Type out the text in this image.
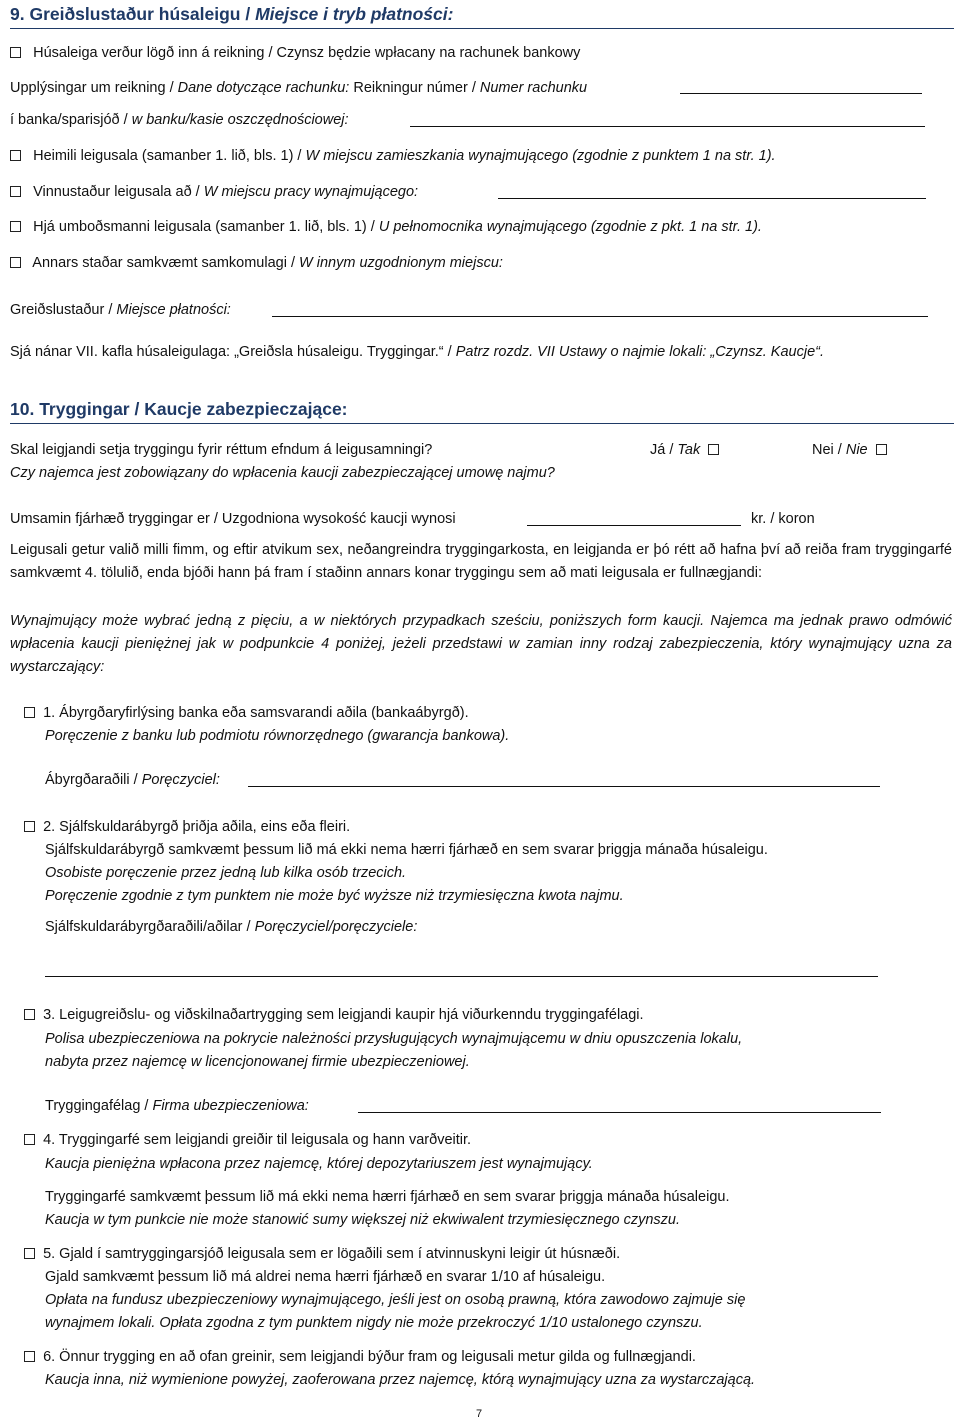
9. Greiðslustaður húsaleigu / Miejsce i tryb płatności:
Húsaleiga verður lögð inn á reikning / Czynsz będzie wpłacany na rachunek bankowy
Upplýsingar um reikning / Dane dotyczące rachunku: Reikningur númer / Numer rachunku
í banka/sparisjóð / w banku/kasie oszczędnościowej:
Heimili leigusala (samanber 1. lið, bls. 1) / W miejscu zamieszkania wynajmującego (zgodnie z punktem 1 na str. 1).
Vinnustaður leigusala að / W miejscu pracy wynajmującego:
Hjá umboðsmanni leigusala (samanber 1. lið, bls. 1) / U pełnomocnika wynajmującego (zgodnie z pkt. 1 na str. 1).
Annars staðar samkvæmt samkomulagi / W innym uzgodnionym miejscu:
Greiðslustaður / Miejsce płatności:
Sjá nánar VII. kafla húsaleigulaga: „Greiðsla húsaleigu. Tryggingar.“ / Patrz rozdz. VII Ustawy o najmie lokali: „Czynsz. Kaucje“.
10. Tryggingar / Kaucje zabezpieczające:
Skal leigjandi setja tryggingu fyrir réttum efndum á leigusamningi?	Já / Tak	Nei / Nie
Czy najemca jest zobowiązany do wpłacenia kaucji zabezpieczającej umowę najmu?
Umsamin fjárhæð tryggingar er / Uzgodniona wysokość kaucji wynosi	kr. / koron
Leigusali getur valið milli fimm, og eftir atvikum sex, neðangreindra tryggingarkosta, en leigjanda er þó rétt að hafna því að reiða fram tryggingarfé samkvæmt 4. tölulið, enda bjóði hann þá fram í staðinn annars konar tryggingu sem að mati leigusala er fullnægjandi:
Wynajmujący może wybrać jedną z pięciu, a w niektórych przypadkach sześciu, poniższych form kaucji. Najemca ma jednak prawo odmówić wpłacenia kaucji pieniężnej jak w podpunkcie 4 poniżej, jeżeli przedstawi w zamian inny rodzaj zabezpieczenia, który wynajmujący uzna za wystarczający:
1. Ábyrgðaryfirlýsing banka eða samsvarandi aðila (bankaábyrgð).
Poręczenie z banku lub podmiotu równorzędnego (gwarancja bankowa).
Ábyrgðaraðili / Poręczyciel:
2. Sjálfskuldarábyrgð þriðja aðila, eins eða fleiri.
Sjálfskuldarábyrgð samkvæmt þessum lið má ekki nema hærri fjárhæð en sem svarar þriggja mánaða húsaleigu.
Osobiste poręczenie przez jedną lub kilka osób trzecich.
Poręczenie zgodnie z tym punktem nie może być wyższe niż trzymiesięczna kwota najmu.
Sjálfskuldarábyrgðaraðili/aðilar / Poręczyciel/poręczyciele:
3. Leigugreiðslu- og viðskilnaðartrygging sem leigjandi kaupir hjá viðurkenndu tryggingafélagi.
Polisa ubezpieczeniowa na pokrycie należności przysługujących wynajmującemu w dniu opuszczenia lokalu,
nabyta przez najemcę w licencjonowanej firmie ubezpieczeniowej.
Tryggingafélag / Firma ubezpieczeniowa:
4. Tryggingarfé sem leigjandi greiðir til leigusala og hann varðveitir.
Kaucja pieniężna wpłacona przez najemcę, której depozytariuszem jest wynajmujący.
Tryggingarfé samkvæmt þessum lið má ekki nema hærri fjárhæð en sem svarar þriggja mánaða húsaleigu.
Kaucja w tym punkcie nie może stanowić sumy większej niż ekwiwalent trzymiesięcznego czynszu.
5. Gjald í samtryggingarsjóð leigusala sem er lögaðili sem í atvinnuskyni leigir út húsnæði.
Gjald samkvæmt þessum lið má aldrei nema hærri fjárhæð en svarar 1/10 af húsaleigu.
Opłata na fundusz ubezpieczeniowy wynajmującego, jeśli jest on osobą prawną, która zawodowo zajmuje się
wynajmem lokali. Opłata zgodna z tym punktem nigdy nie może przekroczyć 1/10 ustalonego czynszu.
6. Önnur trygging en að ofan greinir, sem leigjandi býður fram og leigusali metur gilda og fullnægjandi.
Kaucja inna, niż wymienione powyżej, zaoferowana przez najemcę, którą wynajmujący uzna za wystarczającą.
7
